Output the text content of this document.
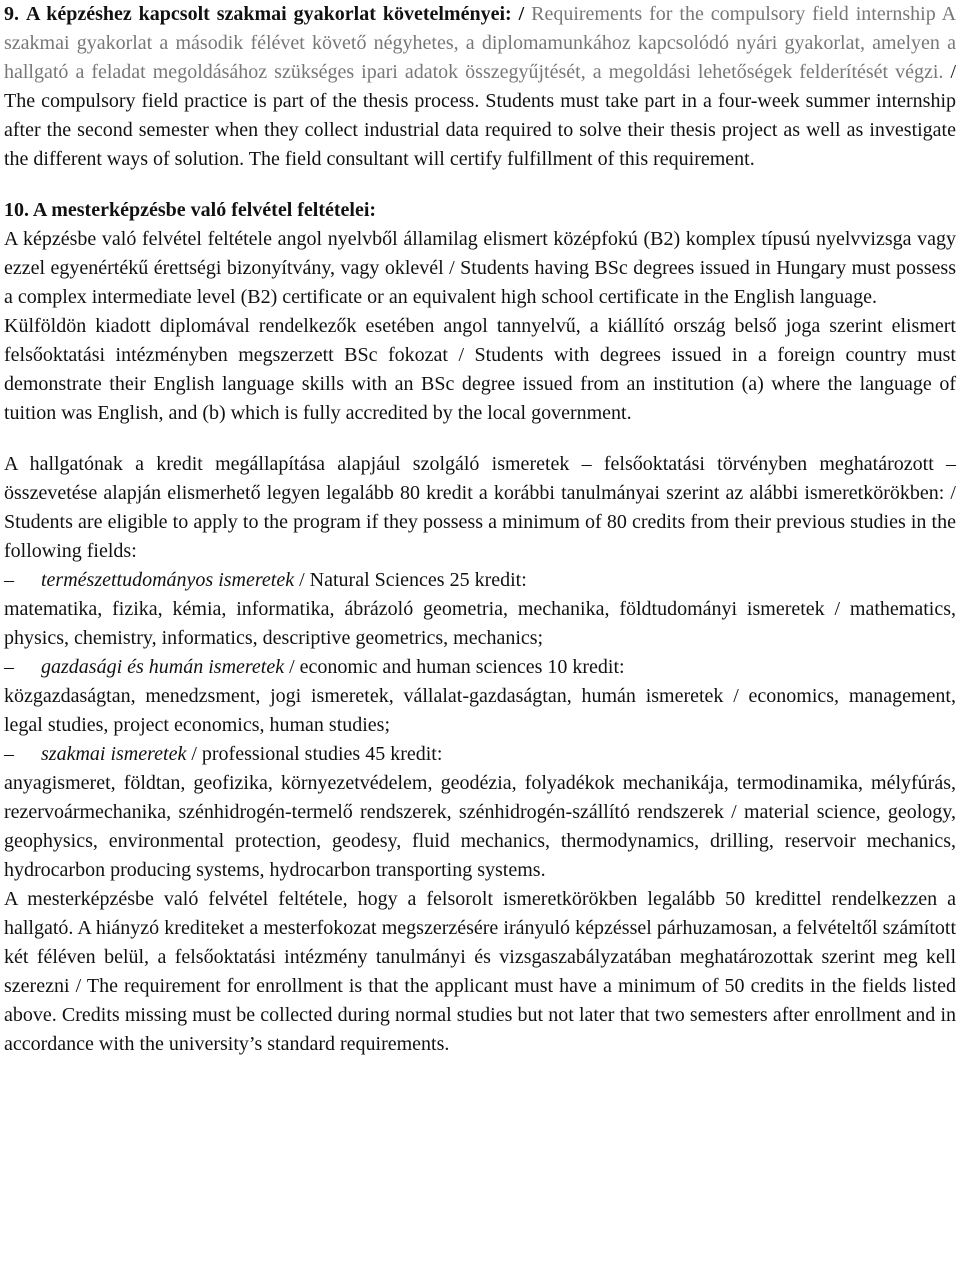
9. A képzéshez kapcsolt szakmai gyakorlat követelményei: / Requirements for the compulsory field internship A szakmai gyakorlat a második félévet követő négyhetes, a diplomamunkához kapcsolódó nyári gyakorlat, amelyen a hallgató a feladat megoldásához szükséges ipari adatok összegyűjtését, a megoldási lehetőségek felderítését végzi. / The compulsory field practice is part of the thesis process. Students must take part in a four-week summer internship after the second semester when they collect industrial data required to solve their thesis project as well as investigate the different ways of solution. The field consultant will certify fulfillment of this requirement.

10. A mesterképzésbe való felvétel feltételei:

A képzésbe való felvétel feltétele angol nyelvből államilag elismert középfokú (B2) komplex típusú nyelvvizsga vagy ezzel egyenértékű érettségi bizonyítvány, vagy oklevél / Students having BSc degrees issued in Hungary must possess a complex intermediate level (B2) certificate or an equivalent high school certificate in the English language.

Külföldön kiadott diplomával rendelkezők esetében angol tannyelvű, a kiállító ország belső joga szerint elismert felsőoktatási intézményben megszerzett BSc fokozat / Students with degrees issued in a foreign country must demonstrate their English language skills with an BSc degree issued from an institution (a) where the language of tuition was English, and (b) which is fully accredited by the local government.

A hallgatónak a kredit megállapítása alapjául szolgáló ismeretek – felsőoktatási törvényben meghatározott – összevetése alapján elismerhető legyen legalább 80 kredit a korábbi tanulmányai szerint az alábbi ismeretkörökben: / Students are eligible to apply to the program if they possess a minimum of 80 credits from their previous studies in the following fields:

–	természettudományos ismeretek / Natural Sciences 25 kredit:

matematika, fizika, kémia, informatika, ábrázoló geometria, mechanika, földtudományi ismeretek / mathematics, physics, chemistry, informatics, descriptive geometrics, mechanics;

–	gazdasági és humán ismeretek / economic and human sciences 10 kredit:

közgazdaságtan, menedzsment, jogi ismeretek, vállalat-gazdaságtan, humán ismeretek / economics, management, legal studies, project economics, human studies;

–	szakmai ismeretek / professional studies 45 kredit:

anyagismeret, földtan, geofizika, környezetvédelem, geodézia, folyadékok mechanikája, termodinamika, mélyfúrás, rezervoármechanika, szénhidrogén-termelő rendszerek, szénhidrogén-szállító rendszerek / material science, geology, geophysics, environmental protection, geodesy, fluid mechanics, thermodynamics, drilling, reservoir mechanics, hydrocarbon producing systems, hydrocarbon transporting systems.

A mesterképzésbe való felvétel feltétele, hogy a felsorolt ismeretkörökben legalább 50 kredittel rendelkezzen a hallgató. A hiányzó krediteket a mesterfokozat megszerzésére irányuló képzéssel párhuzamosan, a felvételtől számított két féléven belül, a felsőoktatási intézmény tanulmányi és vizsgaszabályzatában meghatározottak szerint meg kell szerezni / The requirement for enrollment is that the applicant must have a minimum of 50 credits in the fields listed above. Credits missing must be collected during normal studies but not later that two semesters after enrollment and in accordance with the university’s standard requirements.
